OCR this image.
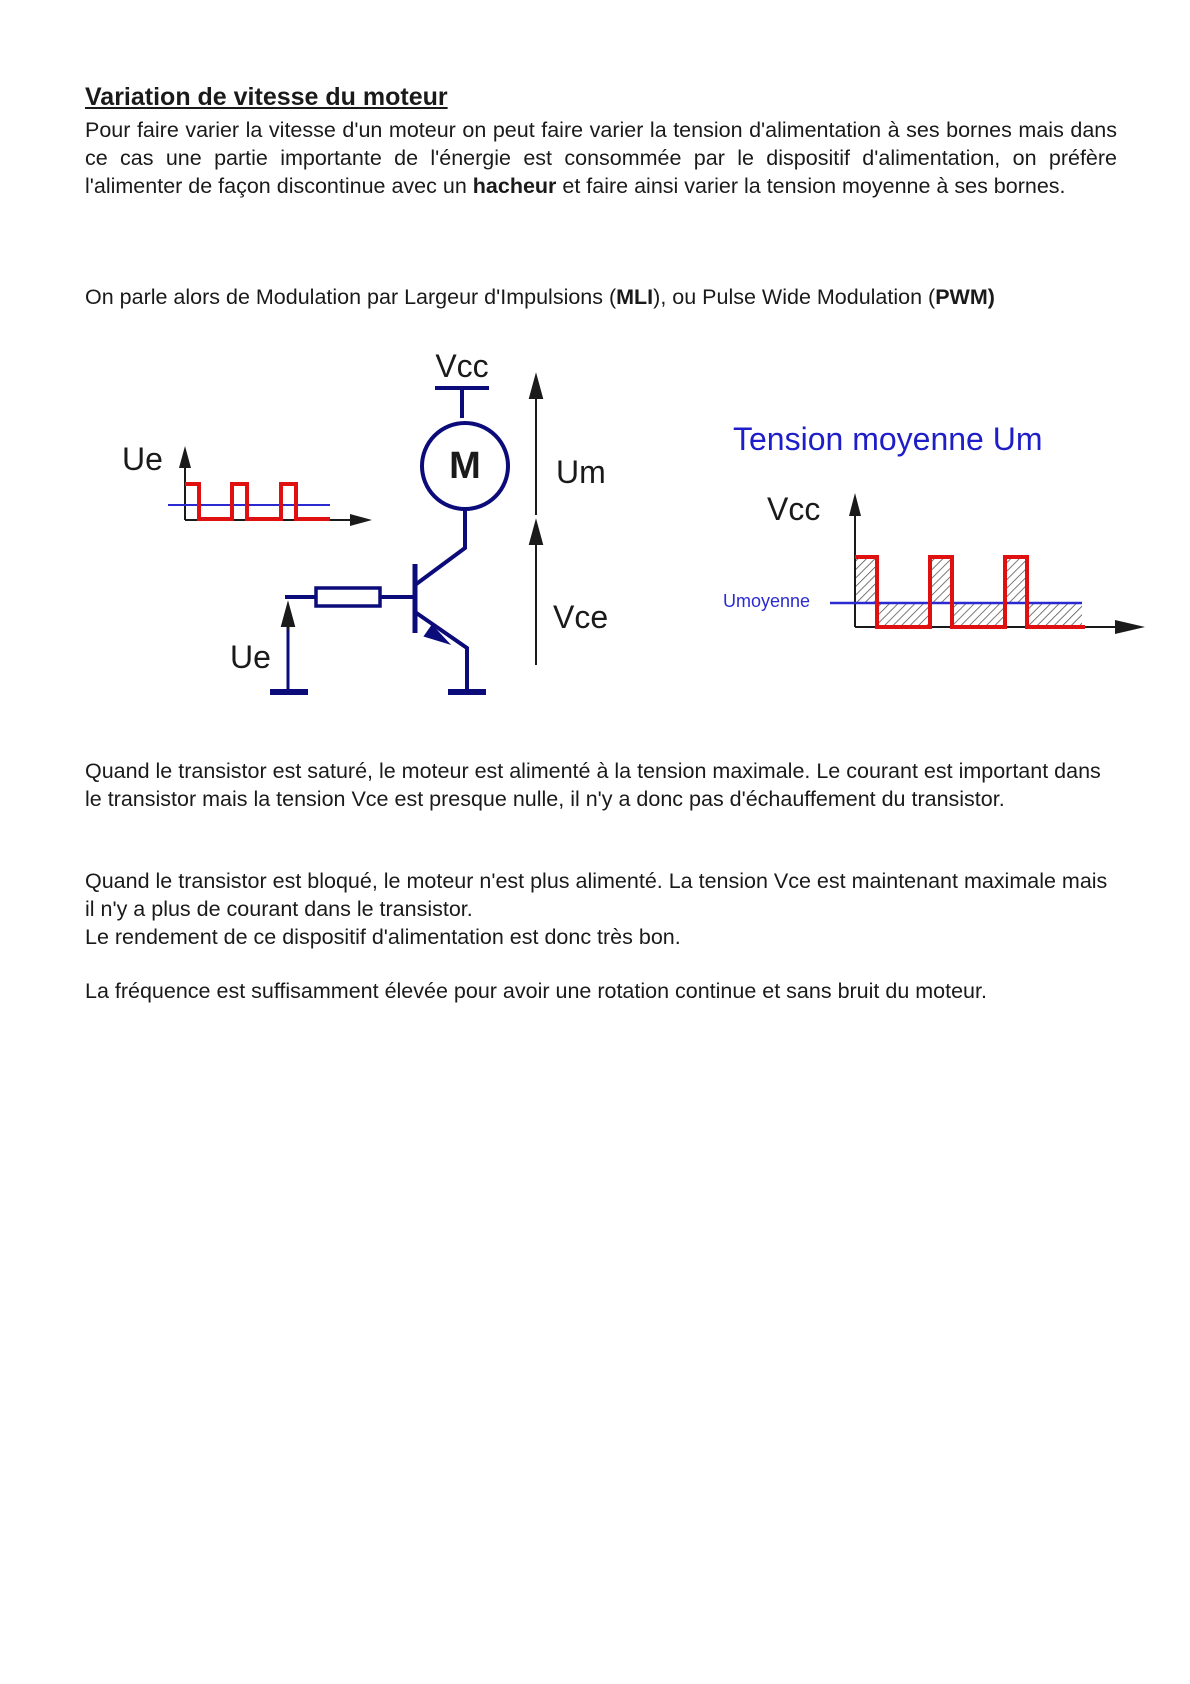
Variation de vitesse du moteur

Pour faire varier la vitesse d'un moteur on peut faire varier la tension d'alimentation à ses bornes mais dans ce cas une partie importante de l'énergie est consommée par le dispositif d'alimentation, on préfère l'alimenter de façon discontinue avec un hacheur et faire ainsi varier la tension moyenne à ses bornes.

On parle alors de Modulation par Largeur d'Impulsions (MLI), ou Pulse Wide Modulation (PWM)

Vcc
M Um
Vce
Ue
Ue
Tension moyenne Um
Vcc
Umoyenne

Quand le transistor est saturé, le moteur est alimenté à la tension maximale. Le courant est important dans le transistor mais la tension Vce est presque nulle, il n'y a donc pas d'échauffement du transistor.

Quand le transistor est bloqué, le moteur n'est plus alimenté. La tension Vce est maintenant maximale mais il n'y a plus de courant dans le transistor.
Le rendement de ce dispositif d'alimentation est donc très bon.

La fréquence est suffisamment élevée pour avoir une rotation continue et sans bruit du moteur.
